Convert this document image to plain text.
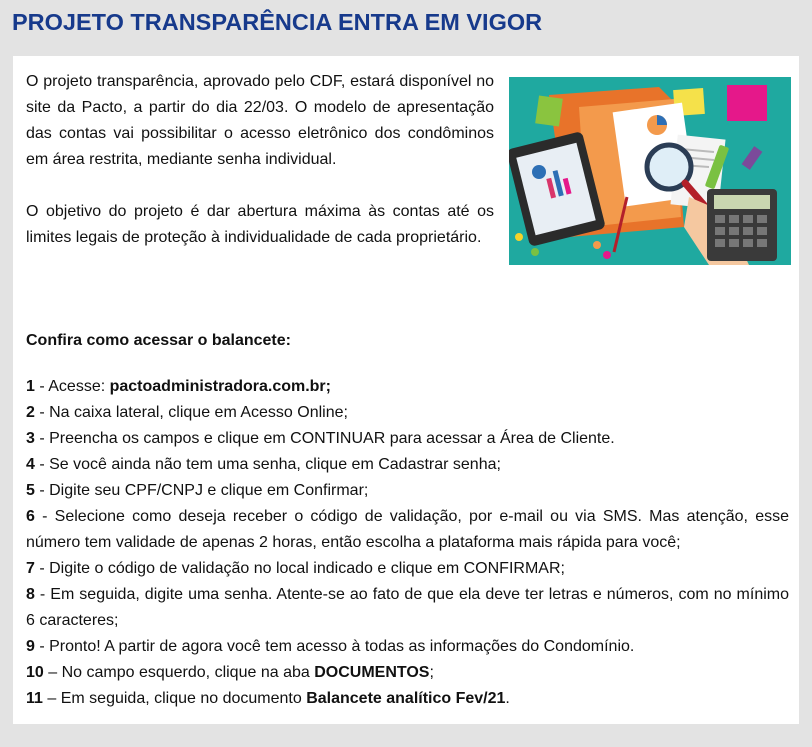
PROJETO TRANSPARÊNCIA ENTRA EM VIGOR

O projeto transparência, aprovado pelo CDF, estará disponível no site da Pacto, a partir do dia 22/03. O modelo de apresentação das contas vai possibilitar o acesso eletrônico dos condôminos em área restrita, mediante senha individual.

O objetivo do projeto é dar abertura máxima às contas até os limites legais de proteção à individualidade de cada proprietário.

Confira como acessar o balancete:
1 - Acesse: pactoadministradora.com.br;
2 - Na caixa lateral, clique em Acesso Online;
3 - Preencha os campos e clique em CONTINUAR para acessar a Área de Cliente.
4 - Se você ainda não tem uma senha, clique em Cadastrar senha;
5 - Digite seu CPF/CNPJ e clique em Confirmar;
6 - Selecione como deseja receber o código de validação, por e-mail ou via SMS. Mas atenção, esse número tem validade de apenas 2 horas, então escolha a plataforma mais rápida para você;
7 - Digite o código de validação no local indicado e clique em CONFIRMAR;
8 - Em seguida, digite uma senha. Atente-se ao fato de que ela deve ter letras e números, com no mínimo 6 caracteres;
9 - Pronto! A partir de agora você tem acesso à todas as informações do Condomínio.
10 – No campo esquerdo, clique na aba DOCUMENTOS;
11 – Em seguida, clique no documento Balancete analítico Fev/21.
